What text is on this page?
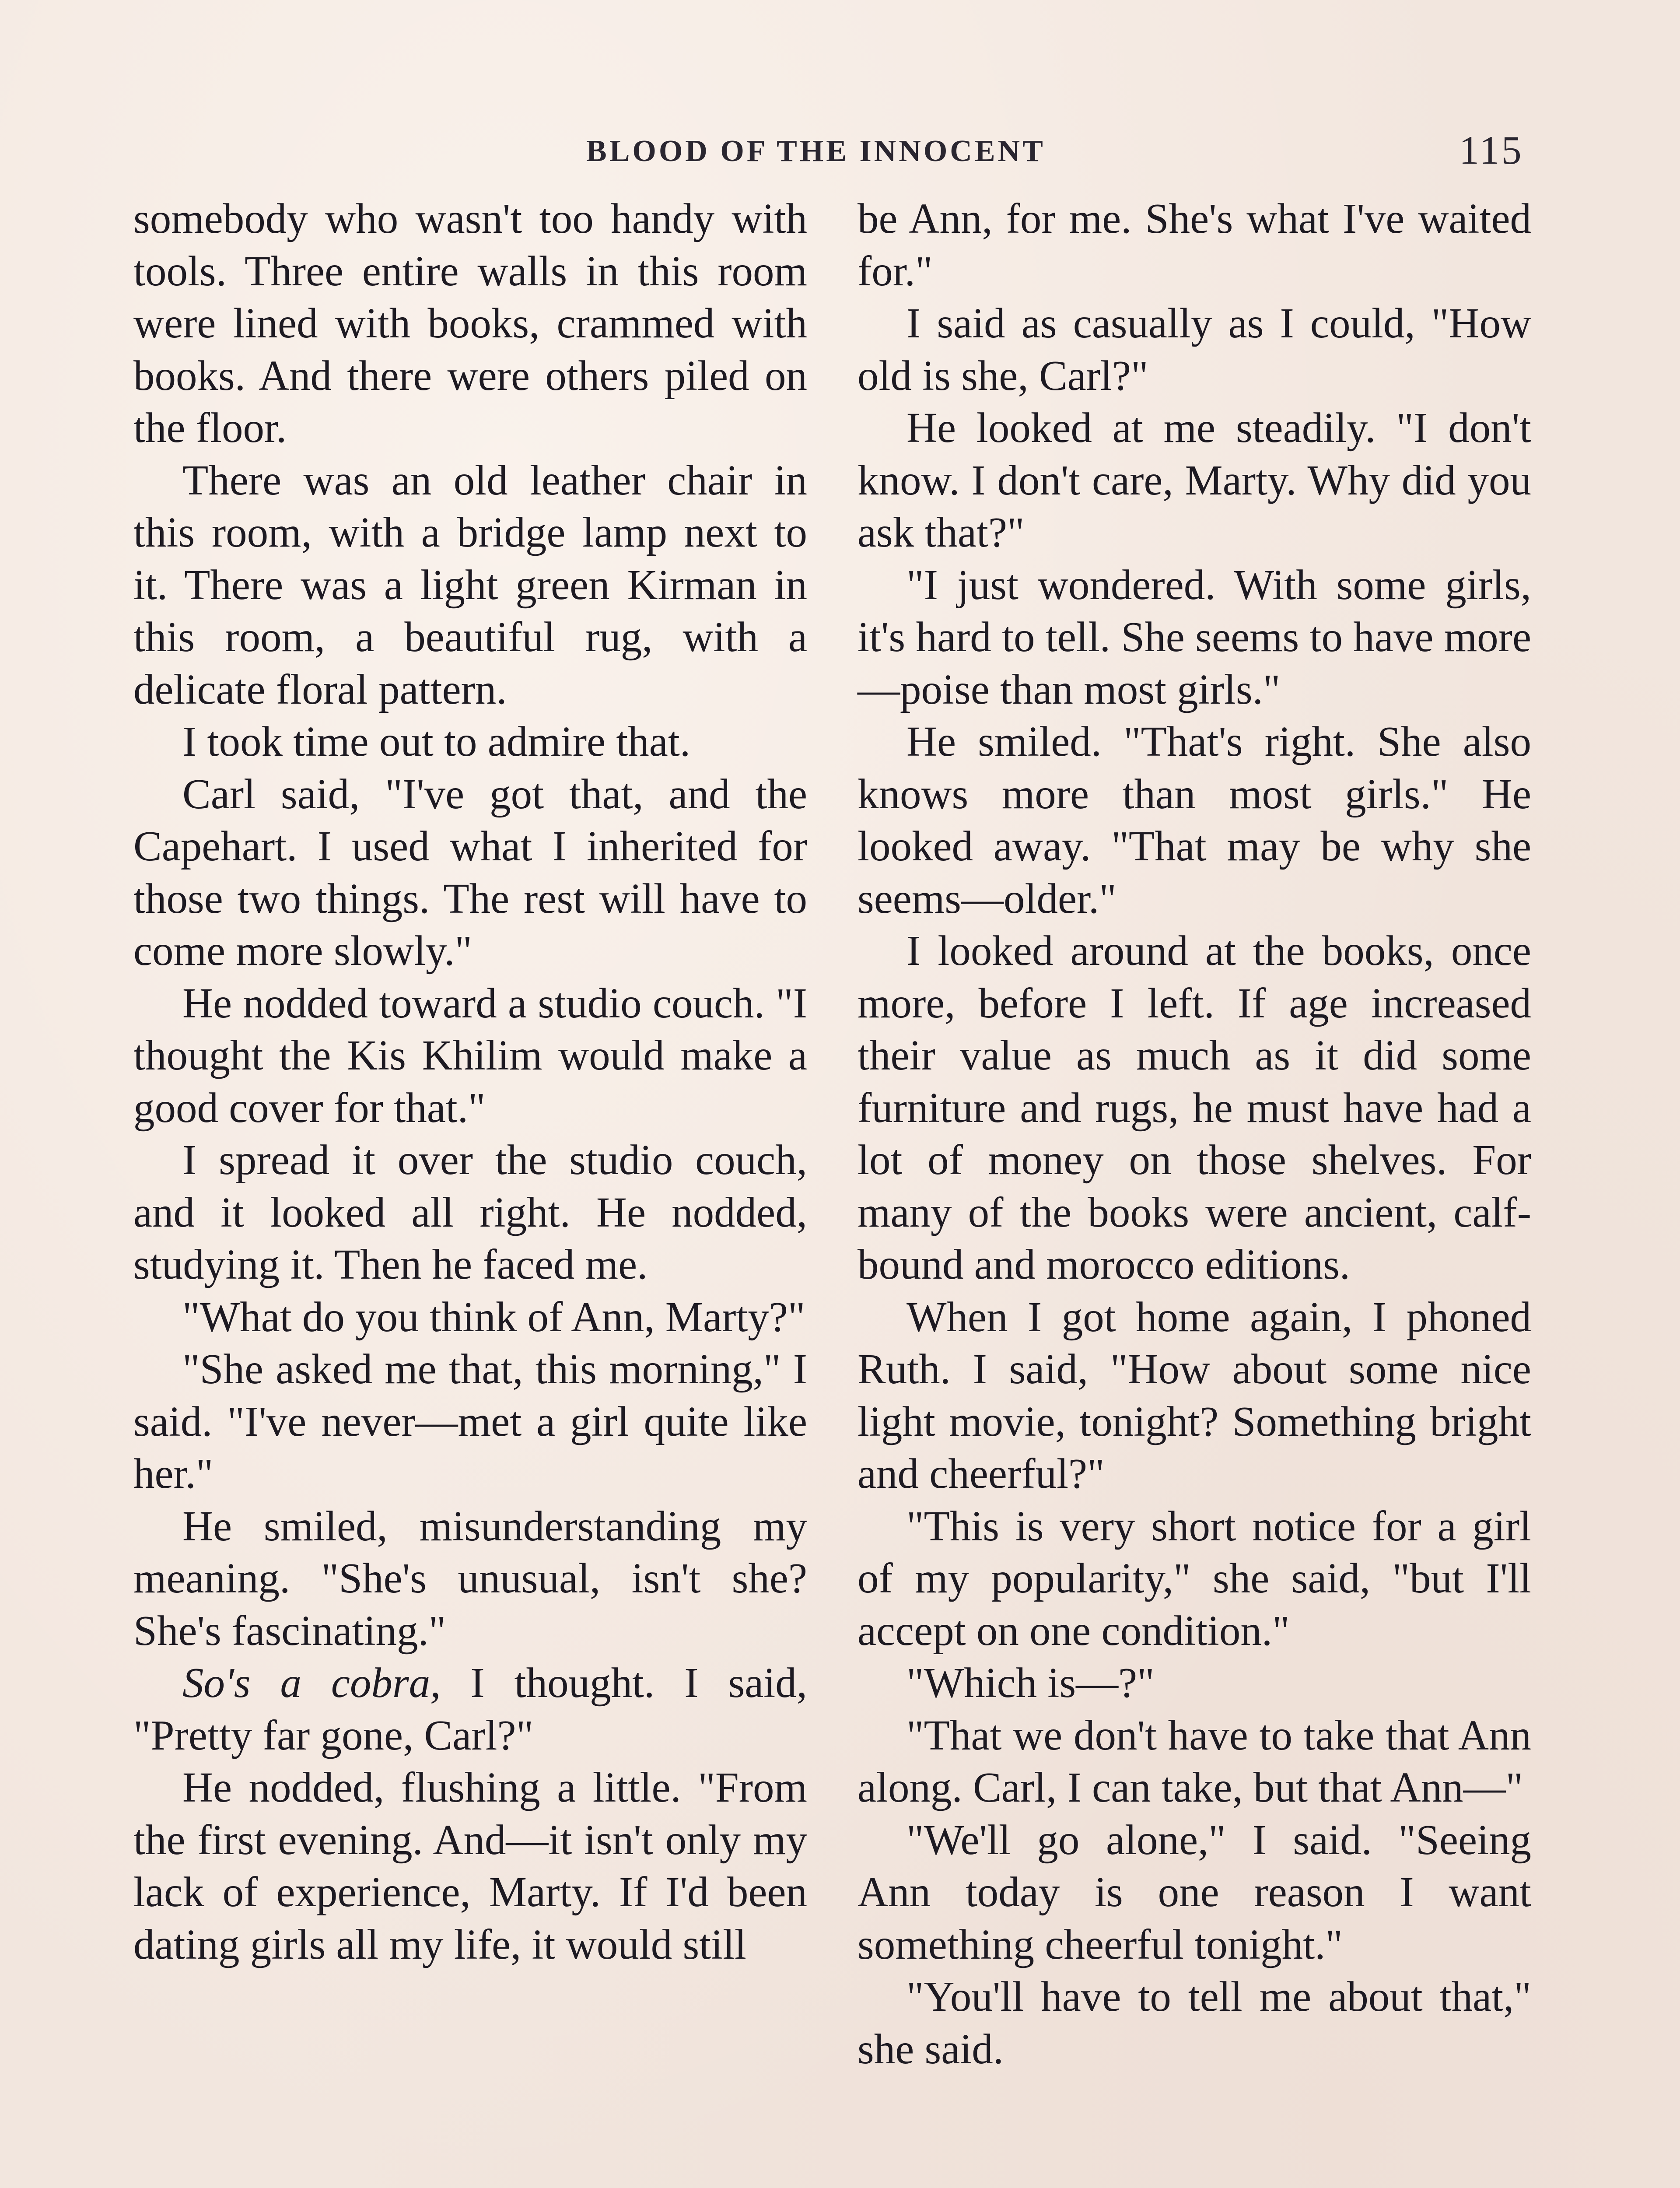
BLOOD OF THE INNOCENT	115

somebody who wasn't too handy with tools. Three entire walls in this room were lined with books, crammed with books. And there were others piled on the floor.

There was an old leather chair in this room, with a bridge lamp next to it. There was a light green Kirman in this room, a beautiful rug, with a delicate floral pattern.

I took time out to admire that.

Carl said, "I've got that, and the Capehart. I used what I inherited for those two things. The rest will have to come more slowly."

He nodded toward a studio couch. "I thought the Kis Khilim would make a good cover for that."

I spread it over the studio couch, and it looked all right. He nodded, studying it. Then he faced me.

"What do you think of Ann, Marty?"

"She asked me that, this morning," I said. "I've never—met a girl quite like her."

He smiled, misunderstanding my meaning. "She's unusual, isn't she? She's fascinating."

So's a cobra, I thought. I said, "Pretty far gone, Carl?"

He nodded, flushing a little. "From the first evening. And—it isn't only my lack of experience, Marty. If I'd been dating girls all my life, it would still

be Ann, for me. She's what I've waited for."

I said as casually as I could, "How old is she, Carl?"

He looked at me steadily. "I don't know. I don't care, Marty. Why did you ask that?"

"I just wondered. With some girls, it's hard to tell. She seems to have more—poise than most girls."

He smiled. "That's right. She also knows more than most girls." He looked away. "That may be why she seems—older."

I looked around at the books, once more, before I left. If age increased their value as much as it did some furniture and rugs, he must have had a lot of money on those shelves. For many of the books were ancient, calf-bound and morocco editions.

When I got home again, I phoned Ruth. I said, "How about some nice light movie, tonight? Something bright and cheerful?"

"This is very short notice for a girl of my popularity," she said, "but I'll accept on one condition."

"Which is—?"

"That we don't have to take that Ann along. Carl, I can take, but that Ann—"

"We'll go alone," I said. "Seeing Ann today is one reason I want something cheerful tonight."

"You'll have to tell me about that," she said.
